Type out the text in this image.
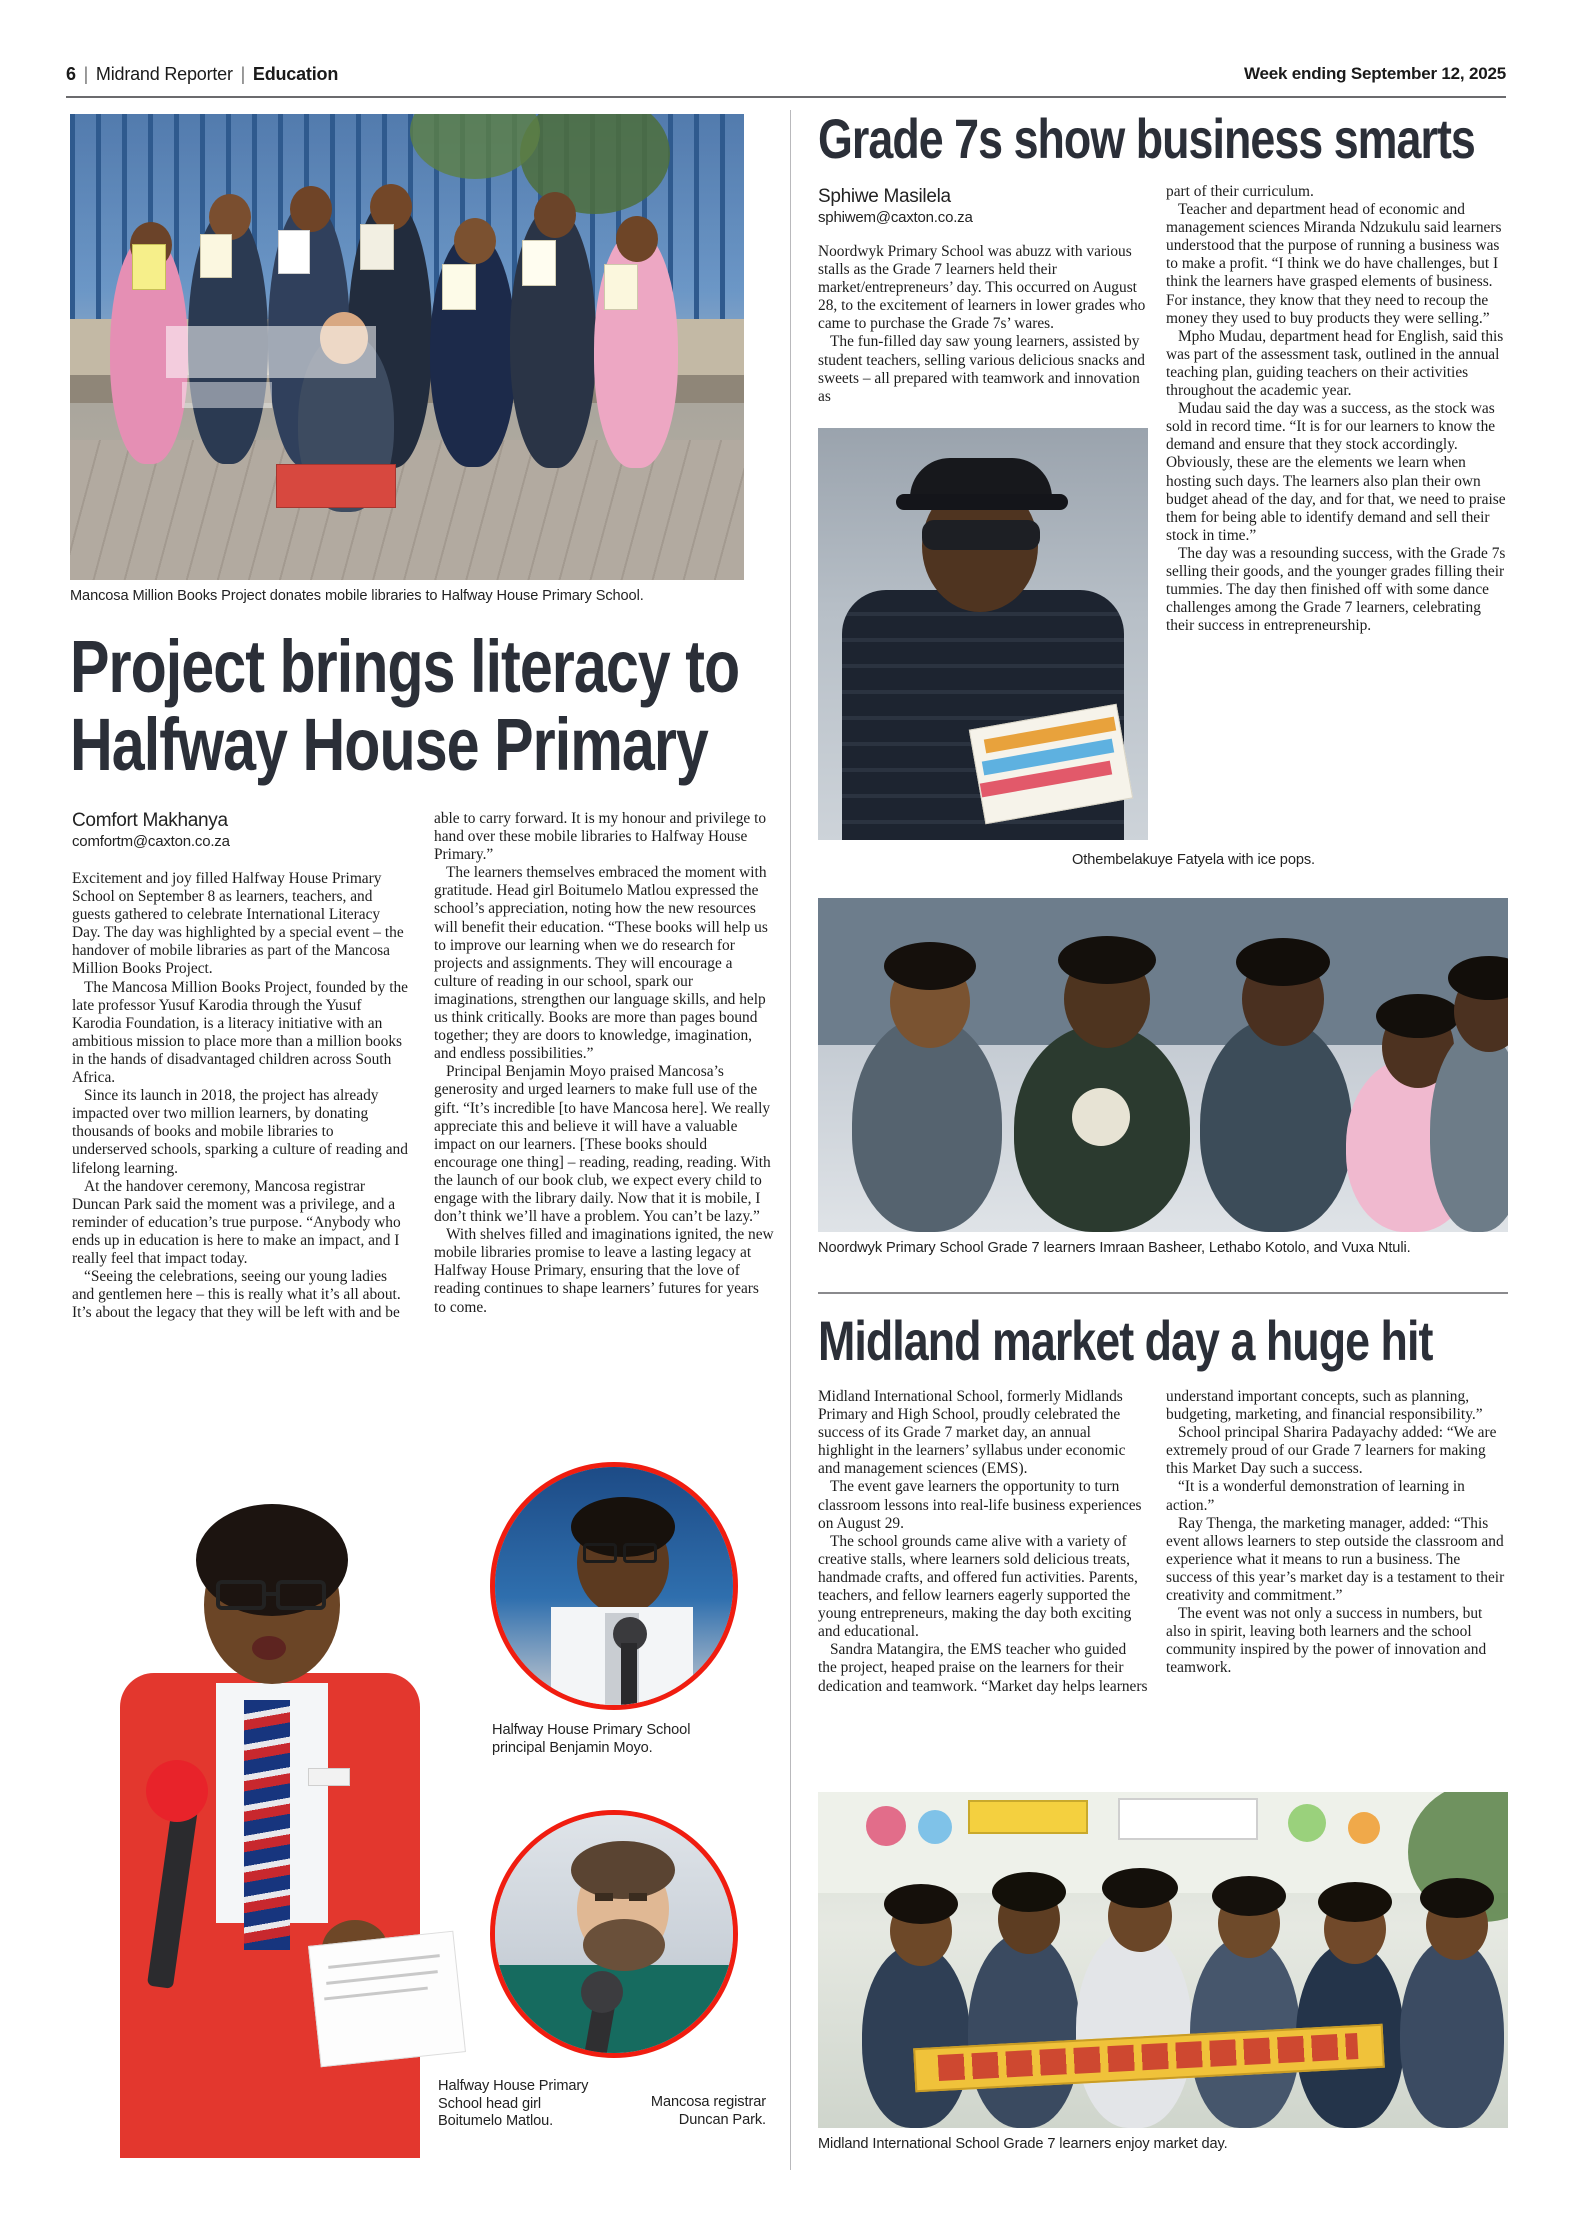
6 | Midrand Reporter | Education	Week ending September 12, 2025
Mancosa Million Books Project donates mobile libraries to Halfway House Primary School.
Project brings literacy to
Halfway House Primary
Comfort Makhanya
comfortm@caxton.co.za

Excitement and joy filled Halfway House Primary School on September 8 as learners, teachers, and guests gathered to celebrate International Literacy Day. The day was highlighted by a special event – the handover of mobile libraries as part of the Mancosa Million Books Project.

The Mancosa Million Books Project, founded by the late professor Yusuf Karodia through the Yusuf Karodia Foundation, is a literacy initiative with an ambitious mission to place more than a million books in the hands of disadvantaged children across South Africa.

Since its launch in 2018, the project has already impacted over two million learners, by donating thousands of books and mobile libraries to underserved schools, sparking a culture of reading and lifelong learning.

At the handover ceremony, Mancosa registrar Duncan Park said the moment was a privilege, and a reminder of education’s true purpose. “Anybody who ends up in education is here to make an impact, and I really feel that impact today.

“Seeing the celebrations, seeing our young ladies and gentlemen here – this is really what it’s all about. It’s about the legacy that they will be left with and be

able to carry forward. It is my honour and privilege to hand over these mobile libraries to Halfway House Primary.”

The learners themselves embraced the moment with gratitude. Head girl Boitumelo Matlou expressed the school’s appreciation, noting how the new resources will benefit their education. “These books will help us to improve our learning when we do research for projects and assignments. They will encourage a culture of reading in our school, spark our imaginations, strengthen our language skills, and help us think critically. Books are more than pages bound together; they are doors to knowledge, imagination, and endless possibilities.”

Principal Benjamin Moyo praised Mancosa’s generosity and urged learners to make full use of the gift. “It’s incredible [to have Mancosa here]. We really appreciate this and believe it will have a valuable impact on our learners. [These books should encourage one thing] – reading, reading, reading. With the launch of our book club, we expect every child to engage with the library daily. Now that it is mobile, I don’t think we’ll have a problem. You can’t be lazy.”

With shelves filled and imaginations ignited, the new mobile libraries promise to leave a lasting legacy at Halfway House Primary, ensuring that the love of reading continues to shape learners’ futures for years to come.

Halfway House Primary School principal Benjamin Moyo.
Halfway House Primary School head girl Boitumelo Matlou.
Mancosa registrar Duncan Park.
Grade 7s show business smarts
Sphiwe Masilela
sphiwem@caxton.co.za

Noordwyk Primary School was abuzz with various stalls as the Grade 7 learners held their market/entrepreneurs’ day. This occurred on August 28, to the excitement of learners in lower grades who came to purchase the Grade 7s’ wares.

The fun-filled day saw young learners, assisted by student teachers, selling various delicious snacks and sweets – all prepared with teamwork and innovation as

part of their curriculum.

Teacher and department head of economic and management sciences Miranda Ndzukulu said learners understood that the purpose of running a business was to make a profit. “I think we do have challenges, but I think the learners have grasped elements of business. For instance, they know that they need to recoup the money they used to buy products they were selling.”

Mpho Mudau, department head for English, said this was part of the assessment task, outlined in the annual teaching plan, guiding teachers on their activities throughout the academic year.

Mudau said the day was a success, as the stock was sold in record time. “It is for our learners to know the demand and ensure that they stock accordingly. Obviously, these are the elements we learn when hosting such days. The learners also plan their own budget ahead of the day, and for that, we need to praise them for being able to identify demand and sell their stock in time.”

The day was a resounding success, with the Grade 7s selling their goods, and the younger grades filling their tummies. The day then finished off with some dance challenges among the Grade 7 learners, celebrating their success in entrepreneurship.

Othembelakuye Fatyela with ice pops.
Noordwyk Primary School Grade 7 learners Imraan Basheer, Lethabo Kotolo, and Vuxa Ntuli.
Midland market day a huge hit

Midland International School, formerly Midlands Primary and High School, proudly celebrated the success of its Grade 7 market day, an annual highlight in the learners’ syllabus under economic and management sciences (EMS).

The event gave learners the opportunity to turn classroom lessons into real-life business experiences on August 29.

The school grounds came alive with a variety of creative stalls, where learners sold delicious treats, handmade crafts, and offered fun activities. Parents, teachers, and fellow learners eagerly supported the young entrepreneurs, making the day both exciting and educational.

Sandra Matangira, the EMS teacher who guided the project, heaped praise on the learners for their dedication and teamwork. “Market day helps learners

understand important concepts, such as planning, budgeting, marketing, and financial responsibility.”

School principal Sharira Padayachy added: “We are extremely proud of our Grade 7 learners for making this Market Day such a success.

“It is a wonderful demonstration of learning in action.”

Ray Thenga, the marketing manager, added: “This event allows learners to step outside the classroom and experience what it means to run a business. The success of this year’s market day is a testament to their creativity and commitment.”

The event was not only a success in numbers, but also in spirit, leaving both learners and the school community inspired by the power of innovation and teamwork.

Midland International School Grade 7 learners enjoy market day.
